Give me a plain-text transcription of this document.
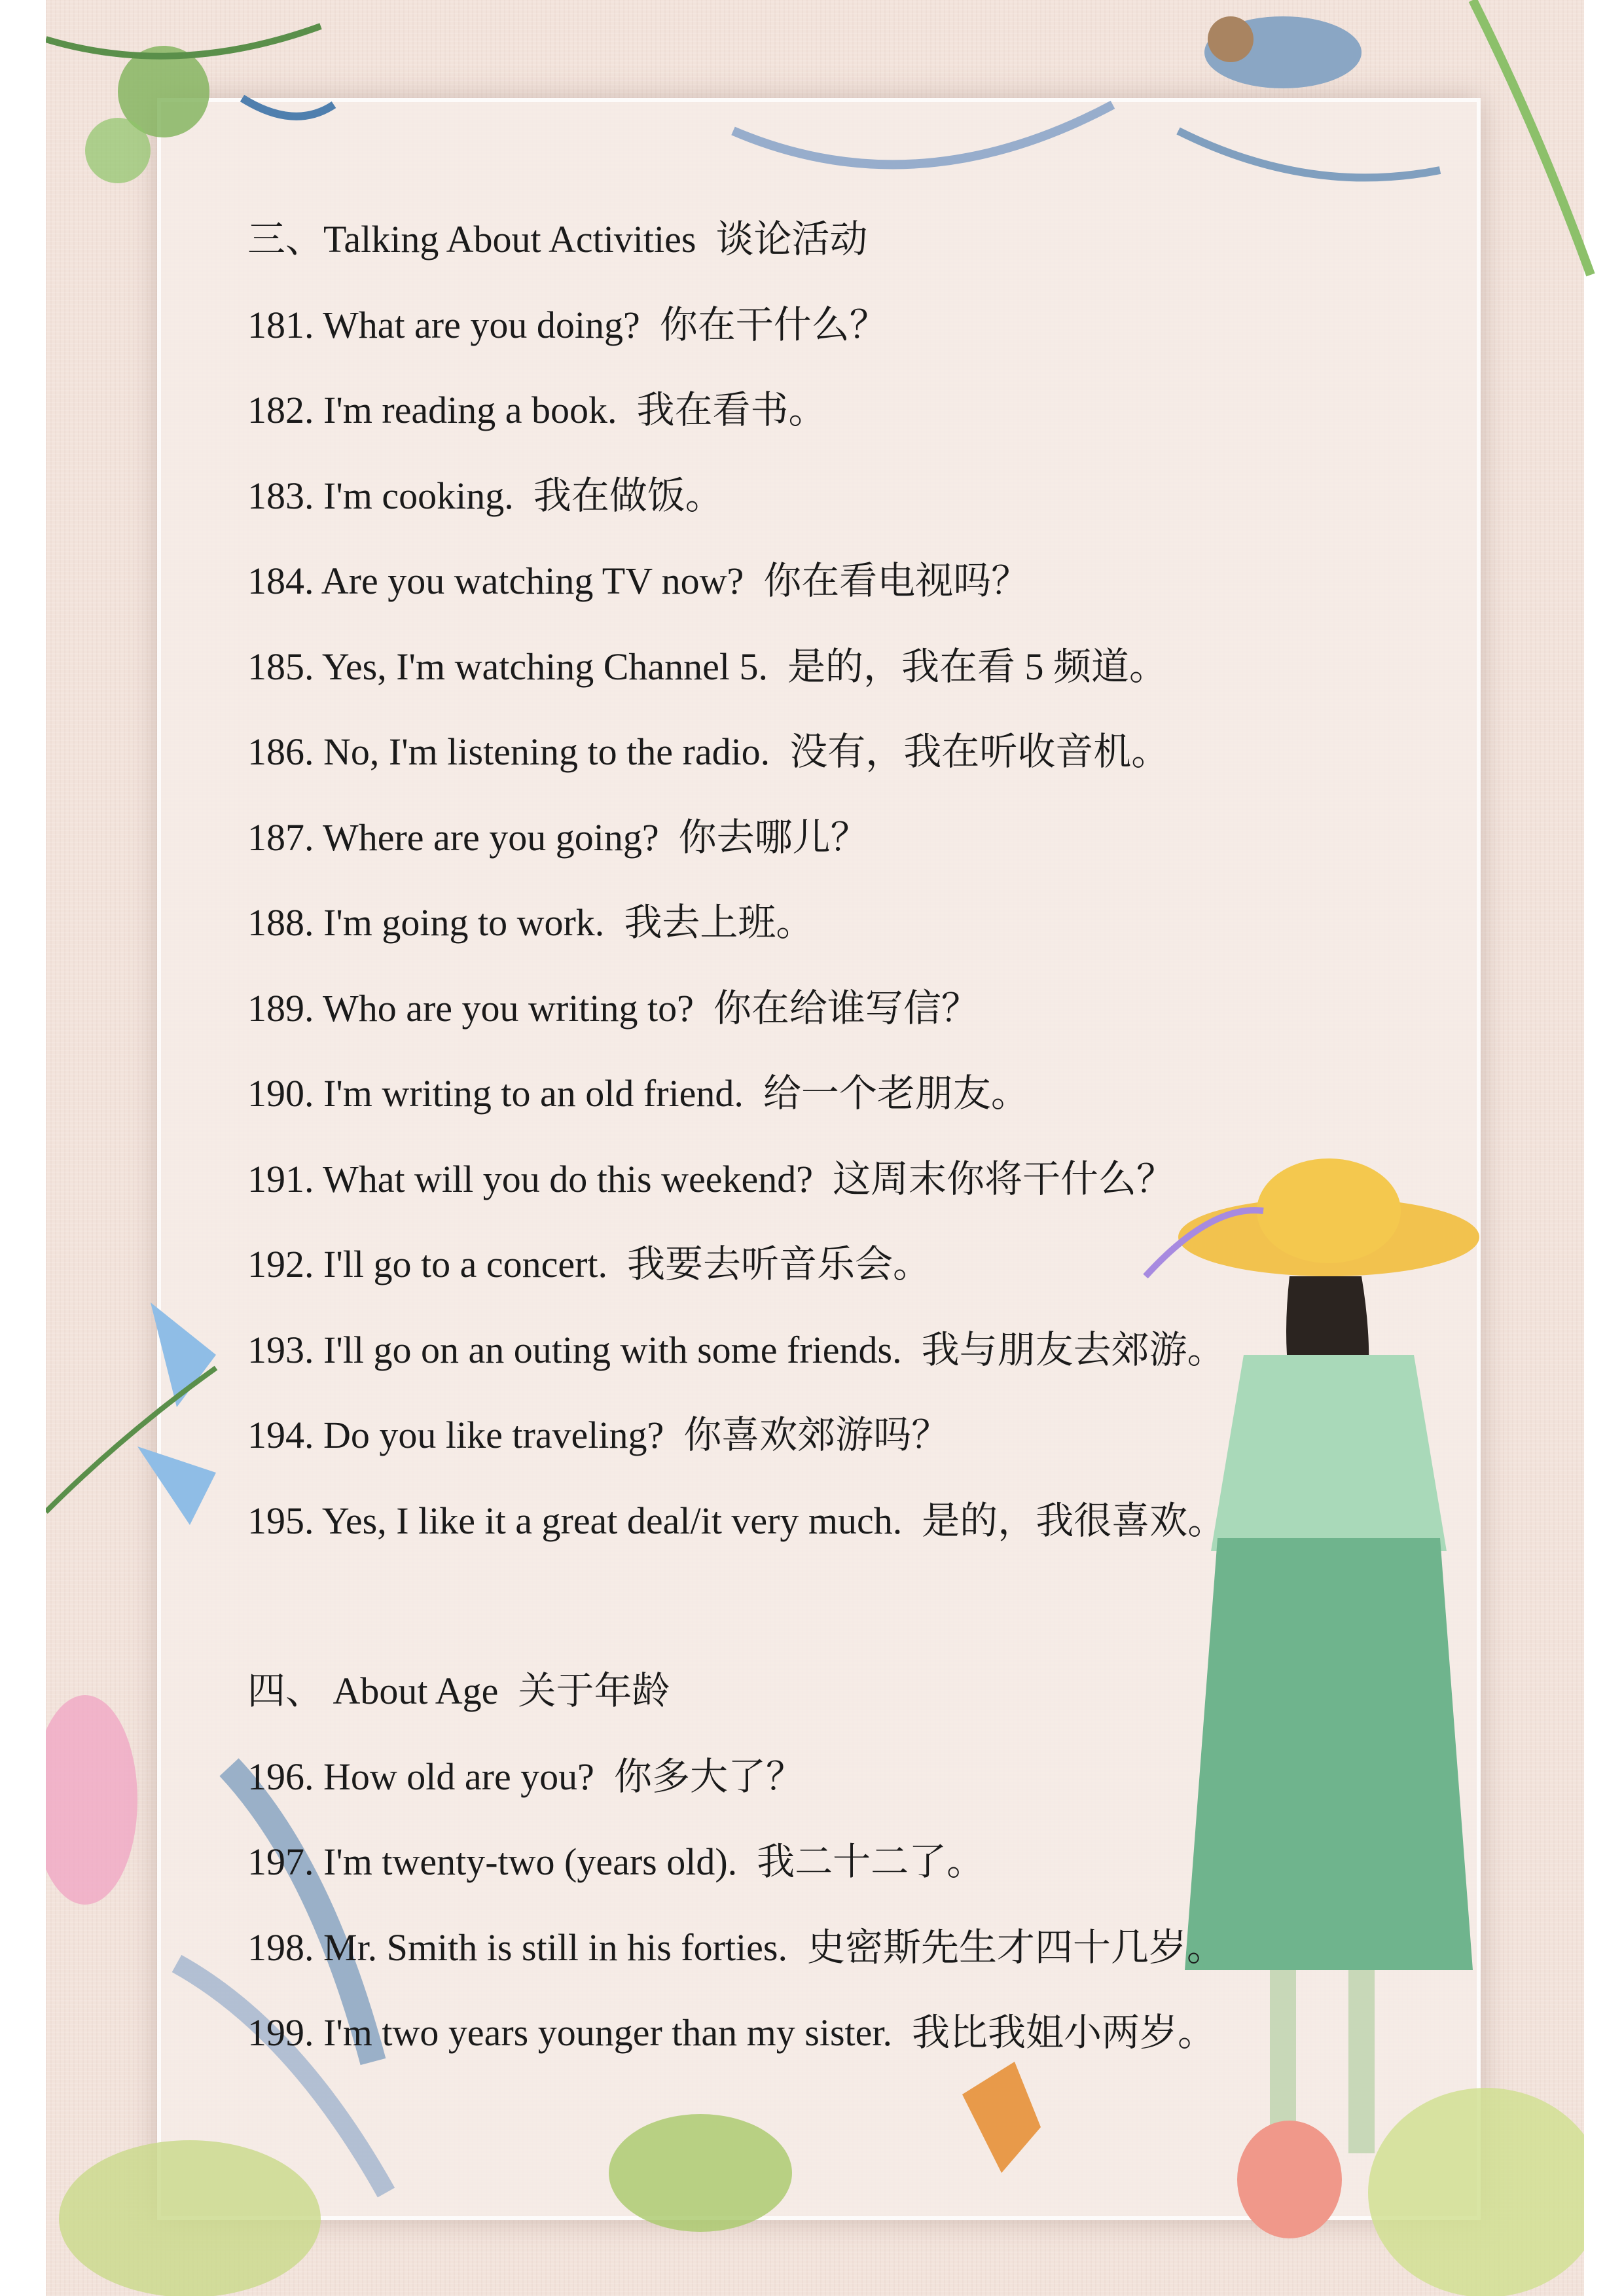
三、Talking About Activities 谈论活动
181. What are you doing? 你在干什么？
182. I'm reading a book. 我在看书。
183. I'm cooking. 我在做饭。
184. Are you watching TV now? 你在看电视吗？
185. Yes, I'm watching Channel 5. 是的，我在看 5 频道。
186. No, I'm listening to the radio. 没有，我在听收音机。
187. Where are you going? 你去哪儿？
188. I'm going to work. 我去上班。
189. Who are you writing to? 你在给谁写信？
190. I'm writing to an old friend. 给一个老朋友。
191. What will you do this weekend? 这周末你将干什么？
192. I'll go to a concert. 我要去听音乐会。
193. I'll go on an outing with some friends. 我与朋友去郊游。
194. Do you like traveling? 你喜欢郊游吗？
195. Yes, I like it a great deal/it very much. 是的，我很喜欢。
四、 About Age 关于年龄
196. How old are you? 你多大了？
197. I'm twenty-two (years old). 我二十二了。
198. Mr. Smith is still in his forties. 史密斯先生才四十几岁。
199. I'm two years younger than my sister. 我比我姐小两岁。
